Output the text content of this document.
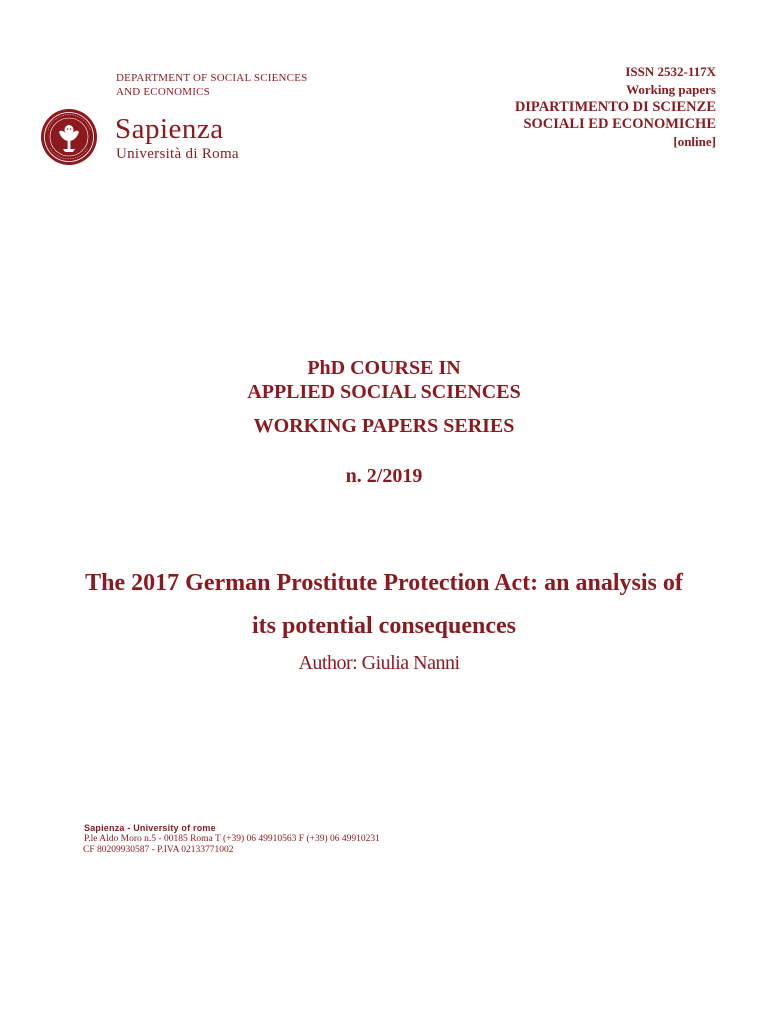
DEPARTMENT OF SOCIAL SCIENCES
AND ECONOMICS
Sapienza
Università di Roma
ISSN 2532-117X
Working papers
DIPARTIMENTO DI SCIENZE
SOCIALI ED ECONOMICHE
[online]
PhD COURSE IN
APPLIED SOCIAL SCIENCES
WORKING PAPERS SERIES
n. 2/2019
The 2017 German Prostitute Protection Act: an analysis of
its potential consequences
Author: Giulia Nanni
Sapienza - University of rome
P.le Aldo Moro n.5 - 00185 Roma T (+39) 06 49910563 F (+39) 06 49910231
CF 80209930587 - P.IVA 02133771002
